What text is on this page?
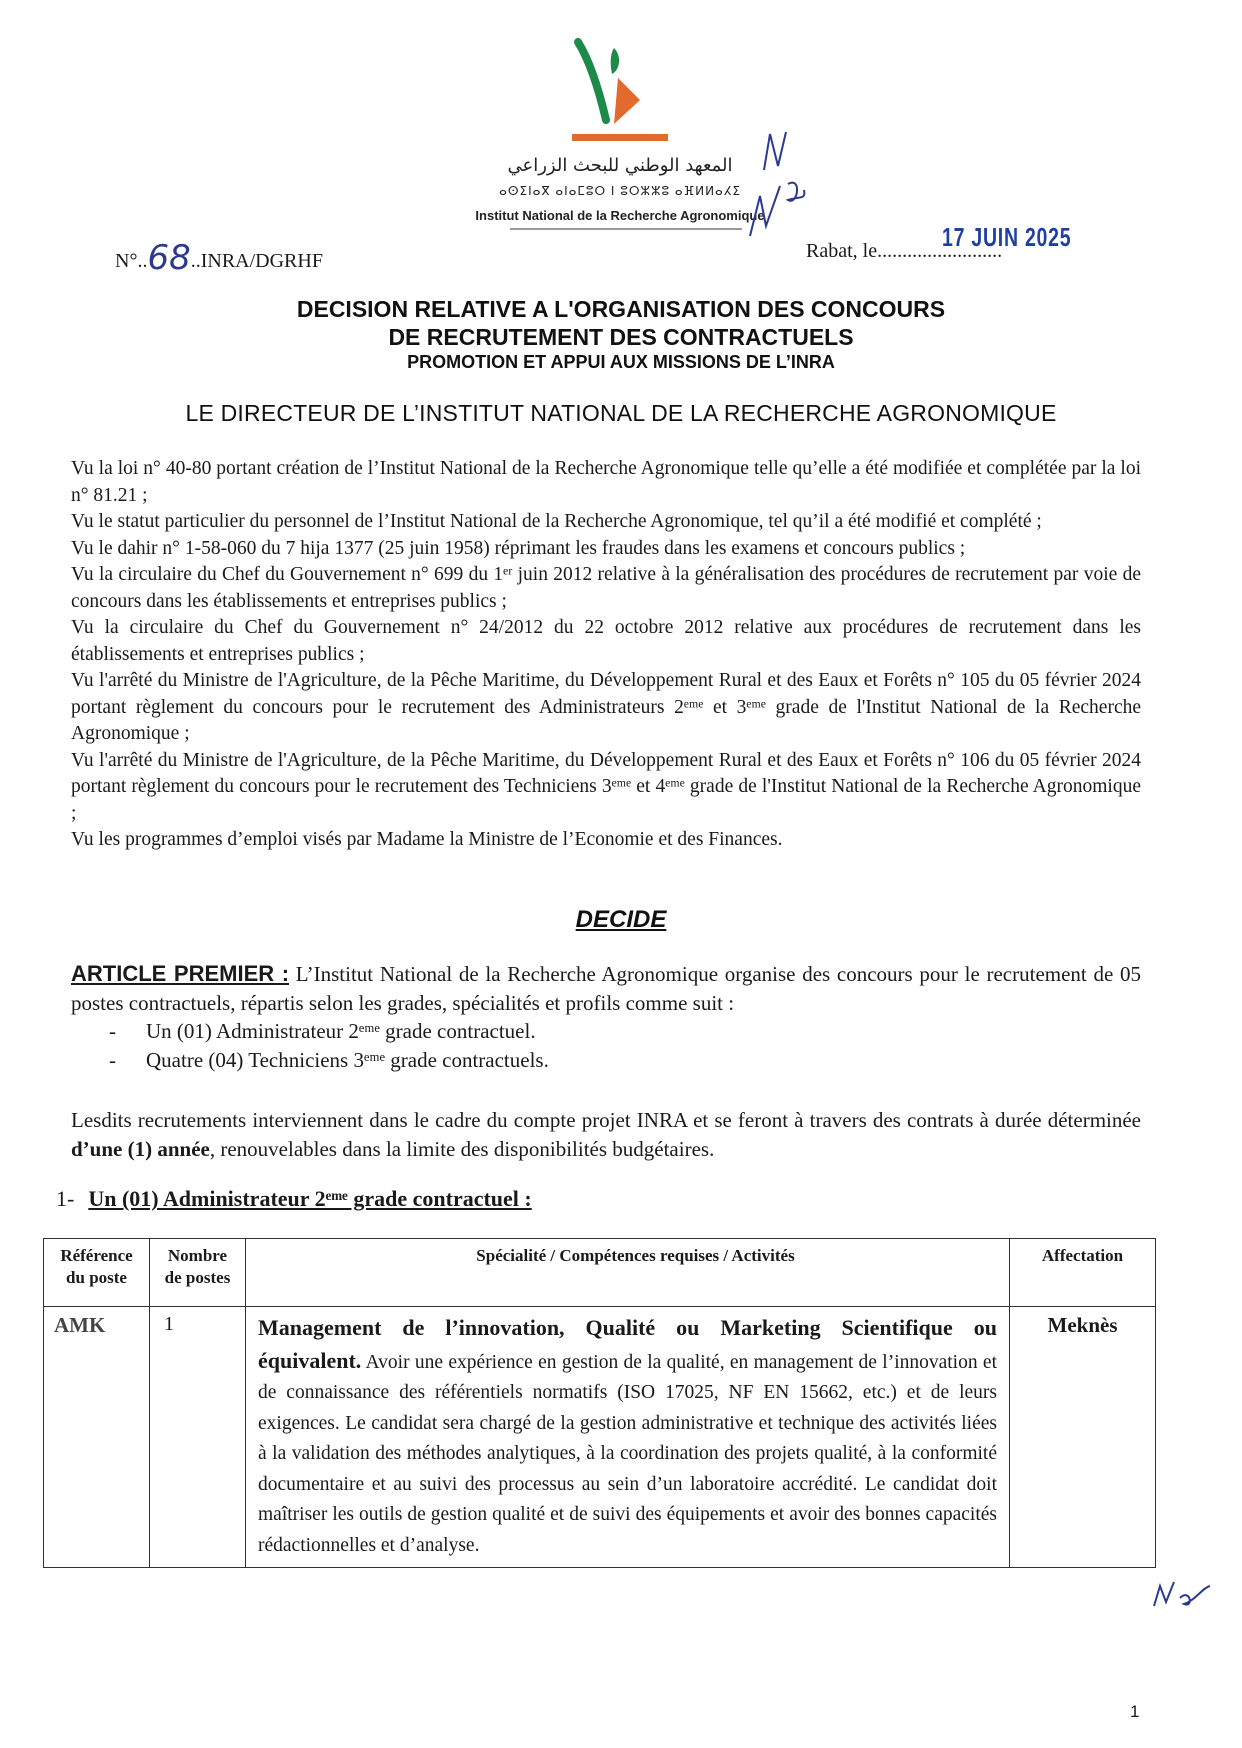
المعهد الوطني للبحث الزراعي
ⴰⵙⵉⵏⴰⴳ ⴰⵏⴰⵎⵓⵔ ⵏ ⵓⵔⵣⵣⵓ ⴰⴼⵍⵍⴰⵃⵉ
Institut National de la Recherche Agronomique
N°..68..INRA/DGRHF	Rabat, le.........................
17 JUIN 2025
DECISION RELATIVE A L'ORGANISATION DES CONCOURS
DE RECRUTEMENT DES CONTRACTUELS
PROMOTION ET APPUI AUX MISSIONS DE L’INRA
LE DIRECTEUR DE L’INSTITUT NATIONAL DE LA RECHERCHE AGRONOMIQUE

Vu la loi n° 40-80 portant création de l’Institut National de la Recherche Agronomique telle qu’elle a été modifiée et complétée par la loi n° 81.21 ;

Vu le statut particulier du personnel de l’Institut National de la Recherche Agronomique, tel qu’il a été modifié et complété ;

Vu le dahir n° 1-58-060 du 7 hija 1377 (25 juin 1958) réprimant les fraudes dans les examens et concours publics ;

Vu la circulaire du Chef du Gouvernement n° 699 du 1ᵉʳ juin 2012 relative à la généralisation des procédures de recrutement par voie de concours dans les établissements et entreprises publics ;

Vu la circulaire du Chef du Gouvernement n° 24/2012 du 22 octobre 2012 relative aux procédures de recrutement dans les établissements et entreprises publics ;

Vu l'arrêté du Ministre de l'Agriculture, de la Pêche Maritime, du Développement Rural et des Eaux et Forêts n° 105 du 05 février 2024 portant règlement du concours pour le recrutement des Administrateurs 2ᵉᵐᵉ et 3ᵉᵐᵉ grade de l'Institut National de la Recherche Agronomique ;

Vu l'arrêté du Ministre de l'Agriculture, de la Pêche Maritime, du Développement Rural et des Eaux et Forêts n° 106 du 05 février 2024 portant règlement du concours pour le recrutement des Techniciens 3ᵉᵐᵉ et 4ᵉᵐᵉ grade de l'Institut National de la Recherche Agronomique ;

Vu les programmes d’emploi visés par Madame la Ministre de l’Economie et des Finances.

DECIDE

ARTICLE PREMIER : L’Institut National de la Recherche Agronomique organise des concours pour le recrutement de 05 postes contractuels, répartis selon les grades, spécialités et profils comme suit :

- Un (01) Administrateur 2ᵉᵐᵉ grade contractuel.
- Quatre (04) Techniciens 3ᵉᵐᵉ grade contractuels.

Lesdits recrutements interviennent dans le cadre du compte projet INRA et se feront à travers des contrats à durée déterminée d’une (1) année, renouvelables dans la limite des disponibilités budgétaires.

1- Un (01) Administrateur 2ᵉᵐᵉ grade contractuel :
Référence du poste	Nombre de postes	Spécialité / Compétences requises / Activités	Affectation
AMK	1	Management de l’innovation, Qualité ou Marketing Scientifique ou équivalent. Avoir une expérience en gestion de la qualité, en management de l’innovation et de connaissance des référentiels normatifs (ISO 17025, NF EN 15662, etc.) et de leurs exigences. Le candidat sera chargé de la gestion administrative et technique des activités liées à la validation des méthodes analytiques, à la coordination des projets qualité, à la conformité documentaire et au suivi des processus au sein d’un laboratoire accrédité. Le candidat doit maîtriser les outils de gestion qualité et de suivi des équipements et avoir des bonnes capacités rédactionnelles et d’analyse.	Meknès
1
